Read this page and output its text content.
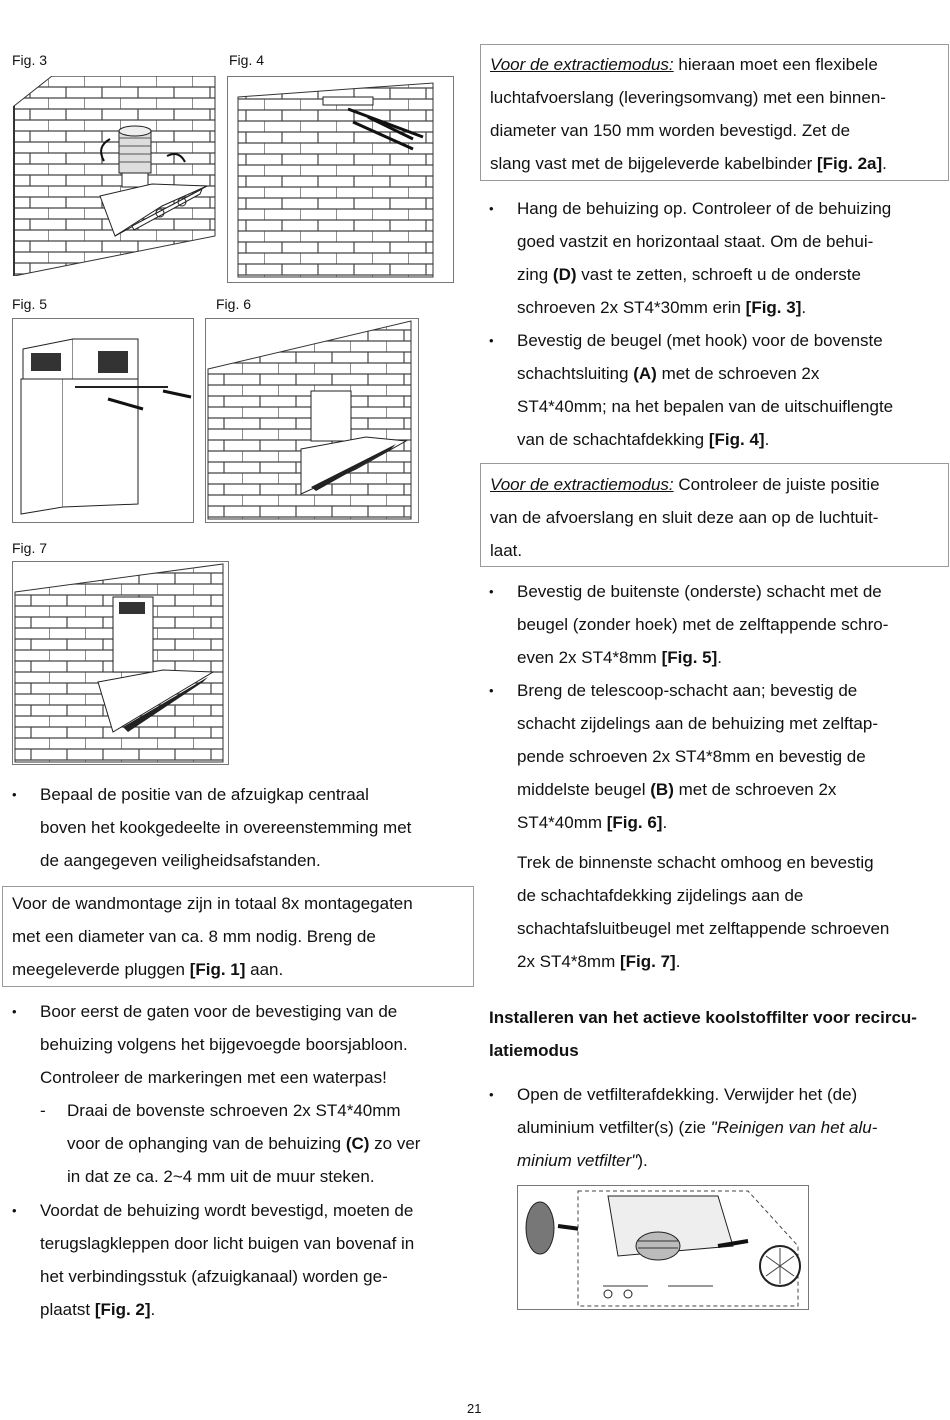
Fig. 3	Fig. 4
Fig. 5	Fig. 6
Fig. 7
• Bepaal de positie van de afzuigkap centraal
boven het kookgedeelte in overeenstemming met
de aangegeven veiligheidsafstanden.
Voor de wandmontage zijn in totaal 8x montagegaten
met een diameter van ca. 8 mm nodig. Breng de
meegeleverde pluggen [Fig. 1] aan.
• Boor eerst de gaten voor de bevestiging van de
behuizing volgens het bijgevoegde boorsjabloon.
Controleer de markeringen met een waterpas!
- Draai de bovenste schroeven 2x ST4*40mm
voor de ophanging van de behuizing (C) zo ver
in dat ze ca. 2~4 mm uit de muur steken.
• Voordat de behuizing wordt bevestigd, moeten de
terugslagkleppen door licht buigen van bovenaf in
het verbindingsstuk (afzuigkanaal) worden ge-
plaatst [Fig. 2].
Voor de extractiemodus: hieraan moet een flexibele
luchtafvoerslang (leveringsomvang) met een binnen-
diameter van 150 mm worden bevestigd. Zet de
slang vast met de bijgeleverde kabelbinder [Fig. 2a].
• Hang de behuizing op. Controleer of de behuizing
goed vastzit en horizontaal staat. Om de behui-
zing (D) vast te zetten, schroeft u de onderste
schroeven 2x ST4*30mm erin [Fig. 3].
• Bevestig de beugel (met hook) voor de bovenste
schachtsluiting (A) met de schroeven 2x
ST4*40mm; na het bepalen van de uitschuiflengte
van de schachtafdekking [Fig. 4].
Voor de extractiemodus: Controleer de juiste positie
van de afvoerslang en sluit deze aan op de luchtuit-
laat.
• Bevestig de buitenste (onderste) schacht met de
beugel (zonder hoek) met de zelftappende schro-
even 2x ST4*8mm [Fig. 5].
• Breng de telescoop-schacht aan; bevestig de
schacht zijdelings aan de behuizing met zelftap-
pende schroeven 2x ST4*8mm en bevestig de
middelste beugel (B) met de schroeven 2x
ST4*40mm [Fig. 6].
Trek de binnenste schacht omhoog en bevestig
de schachtafdekking zijdelings aan de
schachtafsluitbeugel met zelftappende schroeven
2x ST4*8mm [Fig. 7].
Installeren van het actieve koolstoffilter voor recircu-
latiemodus
• Open de vetfilterafdekking. Verwijder het (de)
aluminium vetfilter(s) (zie "Reinigen van het alu-
minium vetfilter").
21
